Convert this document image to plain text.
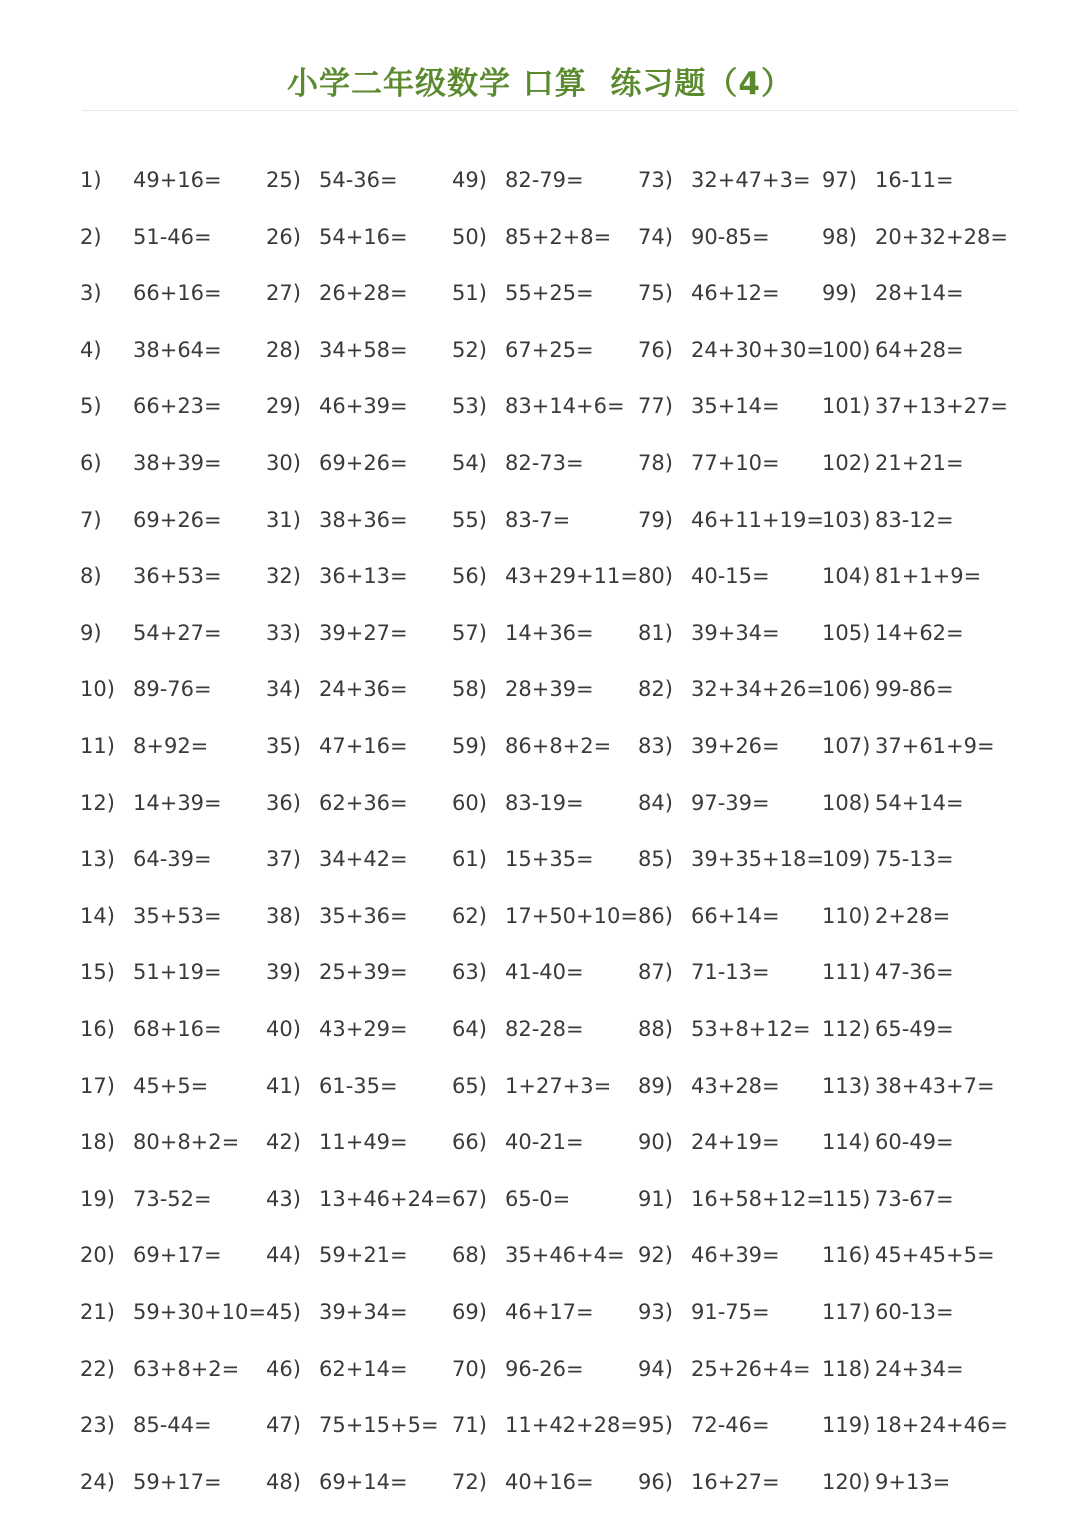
小学二年级数学 口算  练习题（4）
1) 49+16=
2) 51-46=
3) 66+16=
4) 38+64=
5) 66+23=
6) 38+39=
7) 69+26=
8) 36+53=
9) 54+27=
10) 89-76=
11) 8+92=
12) 14+39=
13) 64-39=
14) 35+53=
15) 51+19=
16) 68+16=
17) 45+5=
18) 80+8+2=
19) 73-52=
20) 69+17=
21) 59+30+10=
22) 63+8+2=
23) 85-44=
24) 59+17=
25) 54-36=
26) 54+16=
27) 26+28=
28) 34+58=
29) 46+39=
30) 69+26=
31) 38+36=
32) 36+13=
33) 39+27=
34) 24+36=
35) 47+16=
36) 62+36=
37) 34+42=
38) 35+36=
39) 25+39=
40) 43+29=
41) 61-35=
42) 11+49=
43) 13+46+24=
44) 59+21=
45) 39+34=
46) 62+14=
47) 75+15+5=
48) 69+14=
49) 82-79=
50) 85+2+8=
51) 55+25=
52) 67+25=
53) 83+14+6=
54) 82-73=
55) 83-7=
56) 43+29+11=
57) 14+36=
58) 28+39=
59) 86+8+2=
60) 83-19=
61) 15+35=
62) 17+50+10=
63) 41-40=
64) 82-28=
65) 1+27+3=
66) 40-21=
67) 65-0=
68) 35+46+4=
69) 46+17=
70) 96-26=
71) 11+42+28=
72) 40+16=
73) 32+47+3=
74) 90-85=
75) 46+12=
76) 24+30+30=
77) 35+14=
78) 77+10=
79) 46+11+19=
80) 40-15=
81) 39+34=
82) 32+34+26=
83) 39+26=
84) 97-39=
85) 39+35+18=
86) 66+14=
87) 71-13=
88) 53+8+12=
89) 43+28=
90) 24+19=
91) 16+58+12=
92) 46+39=
93) 91-75=
94) 25+26+4=
95) 72-46=
96) 16+27=
97) 16-11=
98) 20+32+28=
99) 28+14=
100) 64+28=
101) 37+13+27=
102) 21+21=
103) 83-12=
104) 81+1+9=
105) 14+62=
106) 99-86=
107) 37+61+9=
108) 54+14=
109) 75-13=
110) 2+28=
111) 47-36=
112) 65-49=
113) 38+43+7=
114) 60-49=
115) 73-67=
116) 45+45+5=
117) 60-13=
118) 24+34=
119) 18+24+46=
120) 9+13=
